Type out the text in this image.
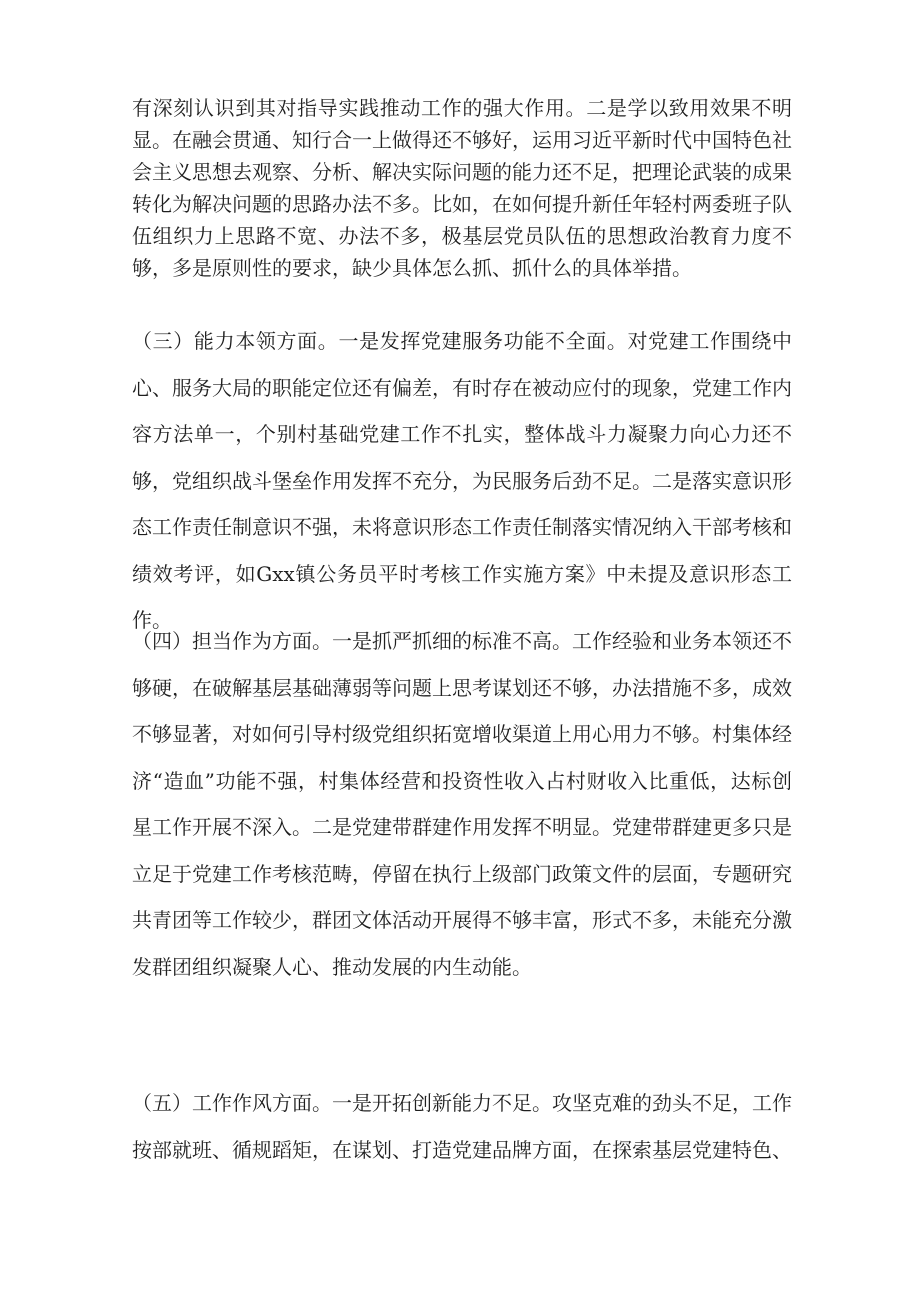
有深刻认识到其对指导实践推动工作的强大作用。二是学以致用效果不明显。在融会贯通、知行合一上做得还不够好，运用习近平新时代中国特色社会主义思想去观察、分析、解决实际问题的能力还不足，把理论武装的成果转化为解决问题的思路办法不多。比如，在如何提升新任年轻村两委班子队伍组织力上思路不宽、办法不多，极基层党员队伍的思想政治教育力度不够，多是原则性的要求，缺少具体怎么抓、抓什么的具体举措。

（三）能力本领方面。一是发挥党建服务功能不全面。对党建工作围绕中心、服务大局的职能定位还有偏差，有时存在被动应付的现象，党建工作内容方法单一，个别村基础党建工作不扎实，整体战斗力凝聚力向心力还不够，党组织战斗堡垒作用发挥不充分，为民服务后劲不足。二是落实意识形态工作责任制意识不强，未将意识形态工作责任制落实情况纳入干部考核和绩效考评，如Gxx镇公务员平时考核工作实施方案》中未提及意识形态工作。

（四）担当作为方面。一是抓严抓细的标准不高。工作经验和业务本领还不够硬，在破解基层基础薄弱等问题上思考谋划还不够，办法措施不多，成效不够显著，对如何引导村级党组织拓宽增收渠道上用心用力不够。村集体经济“造血”功能不强，村集体经营和投资性收入占村财收入比重低，达标创星工作开展不深入。二是党建带群建作用发挥不明显。党建带群建更多只是立足于党建工作考核范畴，停留在执行上级部门政策文件的层面，专题研究共青团等工作较少，群团文体活动开展得不够丰富，形式不多，未能充分激发群团组织凝聚人心、推动发展的内生动能。

（五）工作作风方面。一是开拓创新能力不足。攻坚克难的劲头不足，工作按部就班、循规蹈矩，在谋划、打造党建品牌方面，在探索基层党建特色、
